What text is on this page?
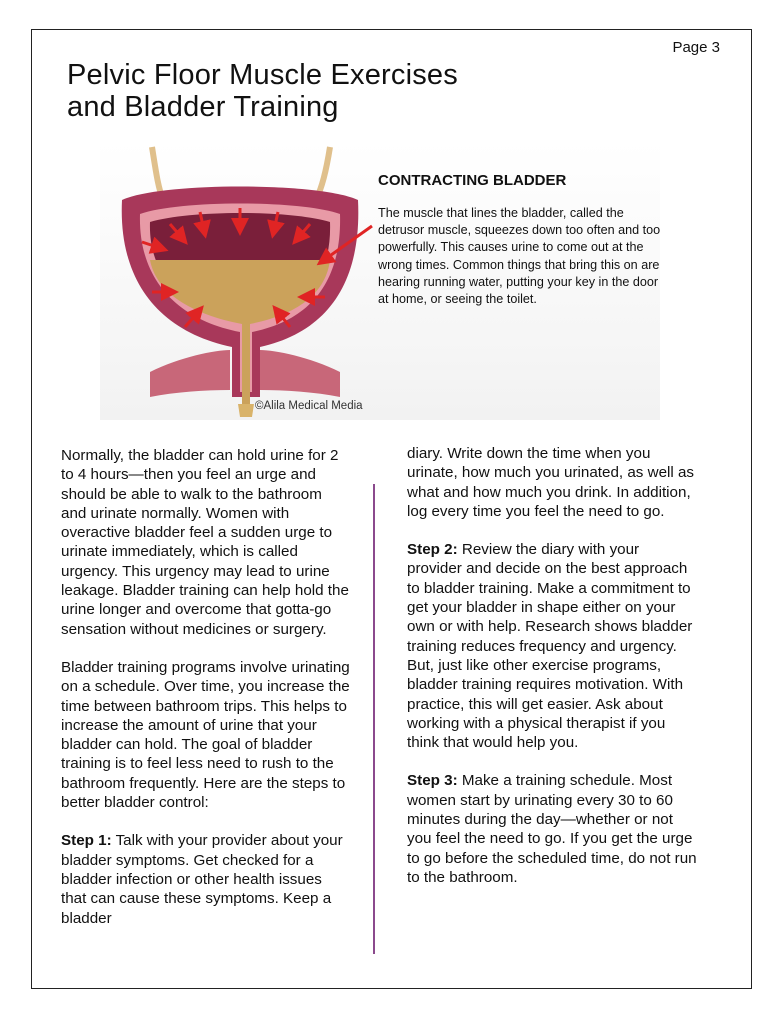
Page 3
Pelvic Floor Muscle Exercises
and Bladder Training
CONTRACTING BLADDER
The muscle that lines the bladder, called the detrusor muscle, squeezes down too often and too powerfully. This causes urine to come out at the wrong times. Common things that bring this on are hearing running water, putting your key in the door at home, or seeing the toilet.
©Alila Medical Media

Normally, the bladder can hold urine for 2 to 4 hours—then you feel an urge and should be able to walk to the bathroom and urinate normally. Women with overactive bladder feel a sudden urge to urinate immediately, which is called urgency. This urgency may lead to urine leakage. Bladder training can help hold the urine longer and overcome that gotta-go sensation without medicines or surgery.

Bladder training programs involve urinating on a schedule. Over time, you increase the time between bathroom trips. This helps to increase the amount of urine that your bladder can hold. The goal of bladder training is to feel less need to rush to the bathroom frequently. Here are the steps to better bladder control:

Step 1: Talk with your provider about your bladder symptoms. Get checked for a bladder infection or other health issues that can cause these symptoms. Keep a bladder

diary. Write down the time when you urinate, how much you urinated, as well as what and how much you drink. In addition, log every time you feel the need to go.

Step 2: Review the diary with your provider and decide on the best approach to bladder training. Make a commitment to get your bladder in shape either on your own or with help. Research shows bladder training reduces frequency and urgency. But, just like other exercise programs, bladder training requires motivation. With practice, this will get easier. Ask about working with a physical therapist if you think that would help you.

Step 3: Make a training schedule. Most women start by urinating every 30 to 60 minutes during the day—whether or not you feel the need to go. If you get the urge to go before the scheduled time, do not run to the bathroom.
